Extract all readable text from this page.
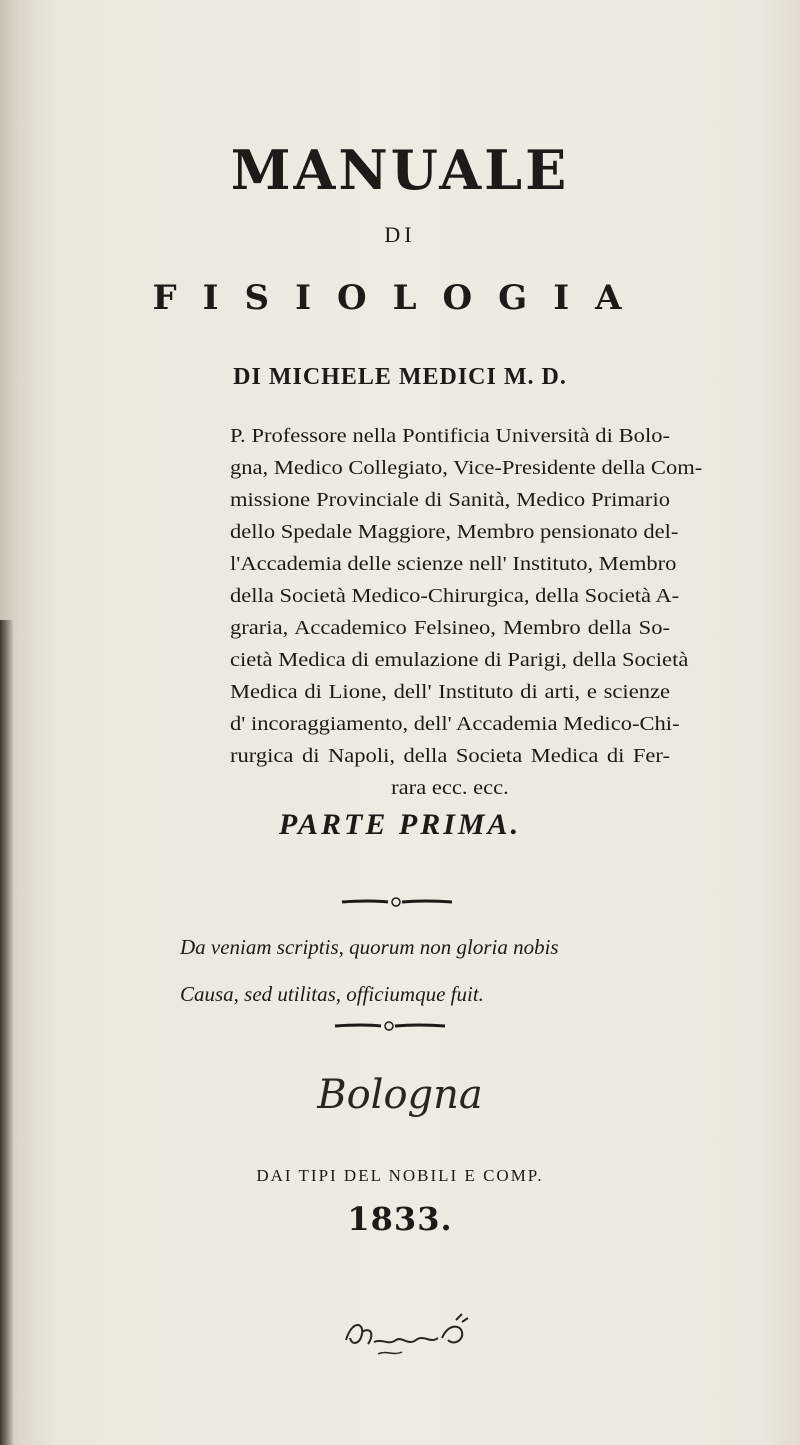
MANUALE
DI
FISIOLOGIA
DI MICHELE MEDICI M. D.
P. Professore nella Pontificia Università di Bolo-
gna, Medico Collegiato, Vice-Presidente della Com-
missione Provinciale di Sanità, Medico Primario
dello Spedale Maggiore, Membro pensionato del-
l'Accademia delle scienze nell' Instituto, Membro
della Società Medico-Chirurgica, della Società A-
graria, Accademico Felsineo, Membro della So-
cietà Medica di emulazione di Parigi, della Società
Medica di Lione, dell' Instituto di arti, e scienze
d' incoraggiamento, dell' Accademia Medico-Chi-
rurgica di Napoli, della Societa Medica di Fer-
rara ecc. ecc.
PARTE PRIMA.
Da veniam scriptis, quorum non gloria nobis
Causa, sed utilitas, officiumque fuit.
Bologna
DAI TIPI DEL NOBILI E COMP.
1833.
